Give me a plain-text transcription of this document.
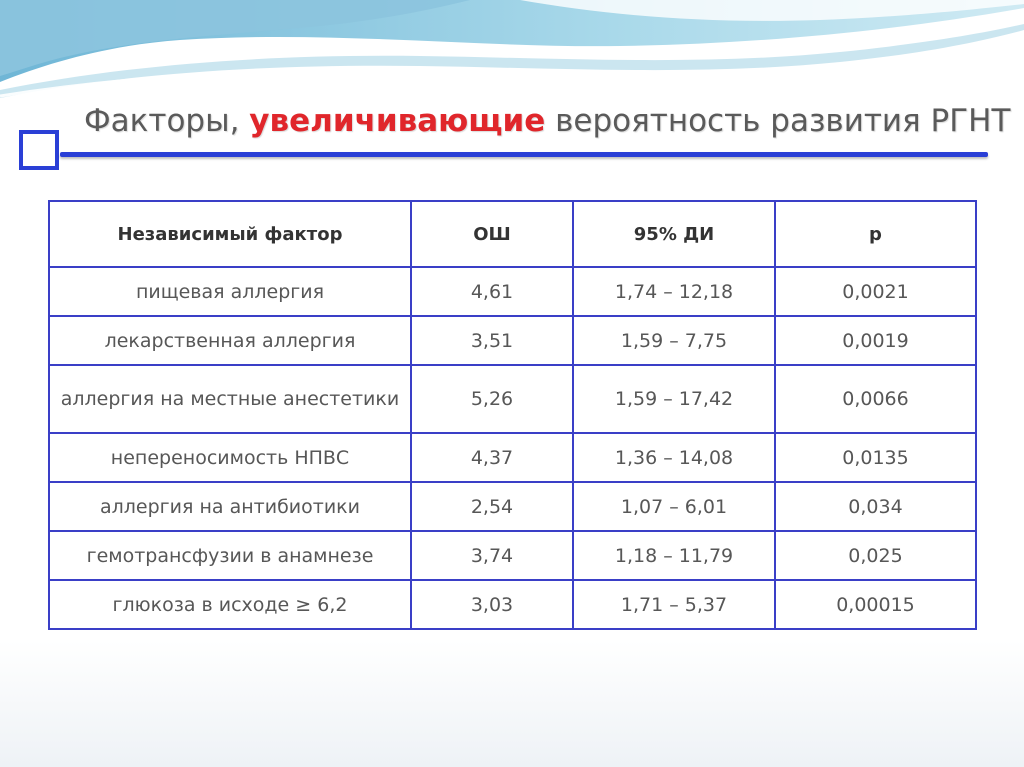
Факторы, увеличивающие вероятность развития РГНТ
Независимый фактор	ОШ	95% ДИ	р
пищевая аллергия	4,61	1,74 – 12,18	0,0021
лекарственная аллергия	3,51	1,59 – 7,75	0,0019
аллергия на местные анестетики	5,26	1,59 – 17,42	0,0066
непереносимость НПВС	4,37	1,36 – 14,08	0,0135
аллергия на антибиотики	2,54	1,07 – 6,01	0,034
гемотрансфузии в анамнезе	3,74	1,18 – 11,79	0,025
глюкоза в исходе ≥ 6,2	3,03	1,71 – 5,37	0,00015
